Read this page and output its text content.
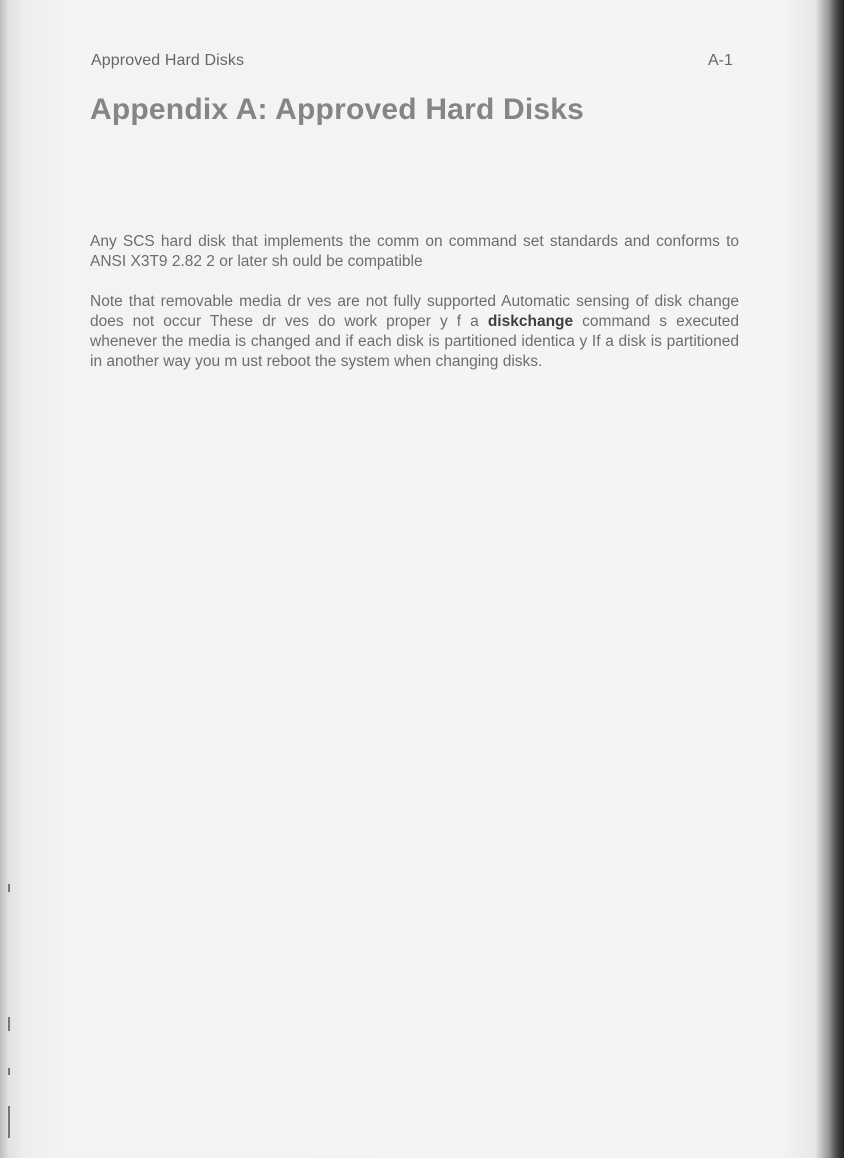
Approved Hard Disks	A-1
Appendix A: Approved Hard Disks

Any SCS hard disk that implements the comm on command set standards and conforms to ANSI X3T9 2.82 2 or later sh ould be compatible

Note that removable media dr ves are not fully supported Automatic sensing of disk change does not occur These dr ves do work proper y f a diskchange command s executed whenever the media is changed and if each disk is partitioned identica y If a disk is partitioned in another way you m ust reboot the system when changing disks.
